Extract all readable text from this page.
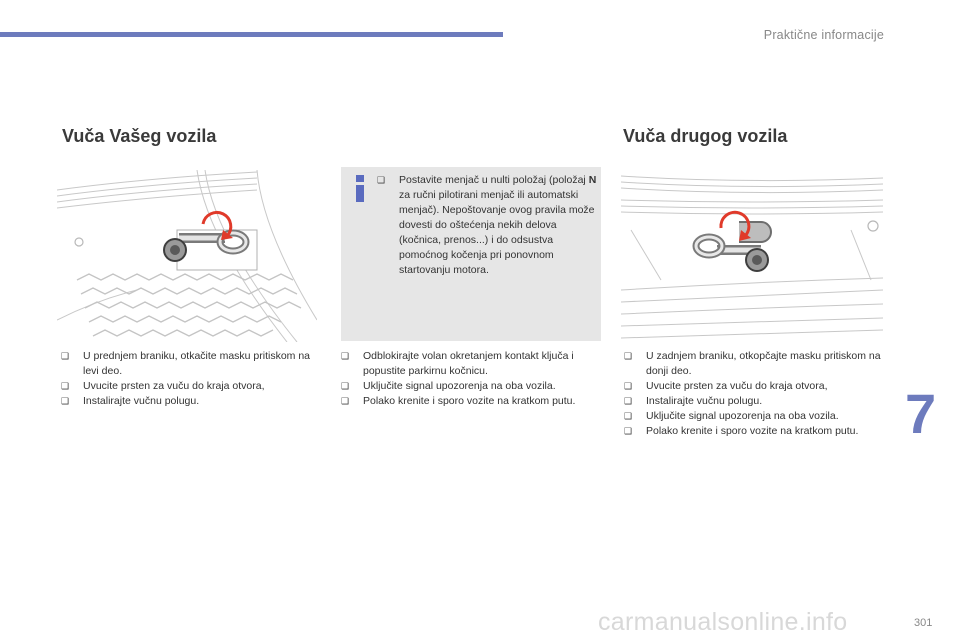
Praktične informacije
Vuča Vašeg vozila
❑ U prednjem braniku, otkačite masku pritiskom na levi deo.
❑ Uvucite prsten za vuču do kraja otvora,
❑ Instalirajte vučnu polugu.
❑ Postavite menjač u nulti položaj (položaj N za ručni pilotirani menjač ili automatski menjač). Nepoštovanje ovog pravila može dovesti do oštećenja nekih delova (kočnica, prenos...) i do odsustva pomoćnog kočenja pri ponovnom startovanju motora.
❑ Odblokirajte volan okretanjem kontakt ključa i popustite parkirnu kočnicu.
❑ Uključite signal upozorenja na oba vozila.
❑ Polako krenite i sporo vozite na kratkom putu.
Vuča drugog vozila
❑ U zadnjem braniku, otkopčajte masku pritiskom na donji deo.
❑ Uvucite prsten za vuču do kraja otvora,
❑ Instalirajte vučnu polugu.
❑ Uključite signal upozorenja na oba vozila.
❑ Polako krenite i sporo vozite na kratkom putu. 7
301
carmanualsonline.info
